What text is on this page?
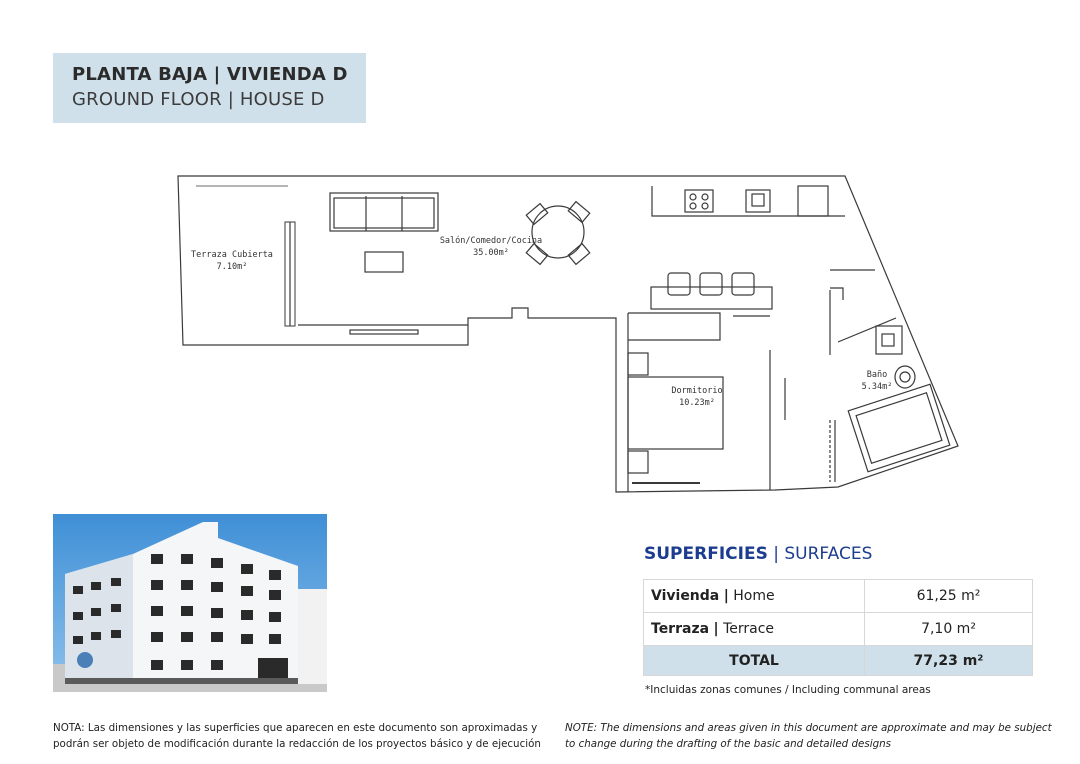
PLANTA BAJA | VIVIENDA D
GROUND FLOOR | HOUSE D
Terraza Cubierta
7.10m²
Salón/Comedor/Cocina
35.00m²
Dormitorio
10.23m²
Baño
5.34m²
SUPERFICIES | SURFACES
Vivienda | Home	61,25 m²
Terraza | Terrace	7,10 m²
TOTAL	77,23 m²
*Incluidas zonas comunes / Including communal areas
NOTA: Las dimensiones y las superficies que aparecen en este documento son aproximadas y podrán ser objeto de modificación durante la redacción de los proyectos básico y de ejecución
NOTE: The dimensions and areas given in this document are approximate and may be subject to change during the drafting of the basic and detailed designs
